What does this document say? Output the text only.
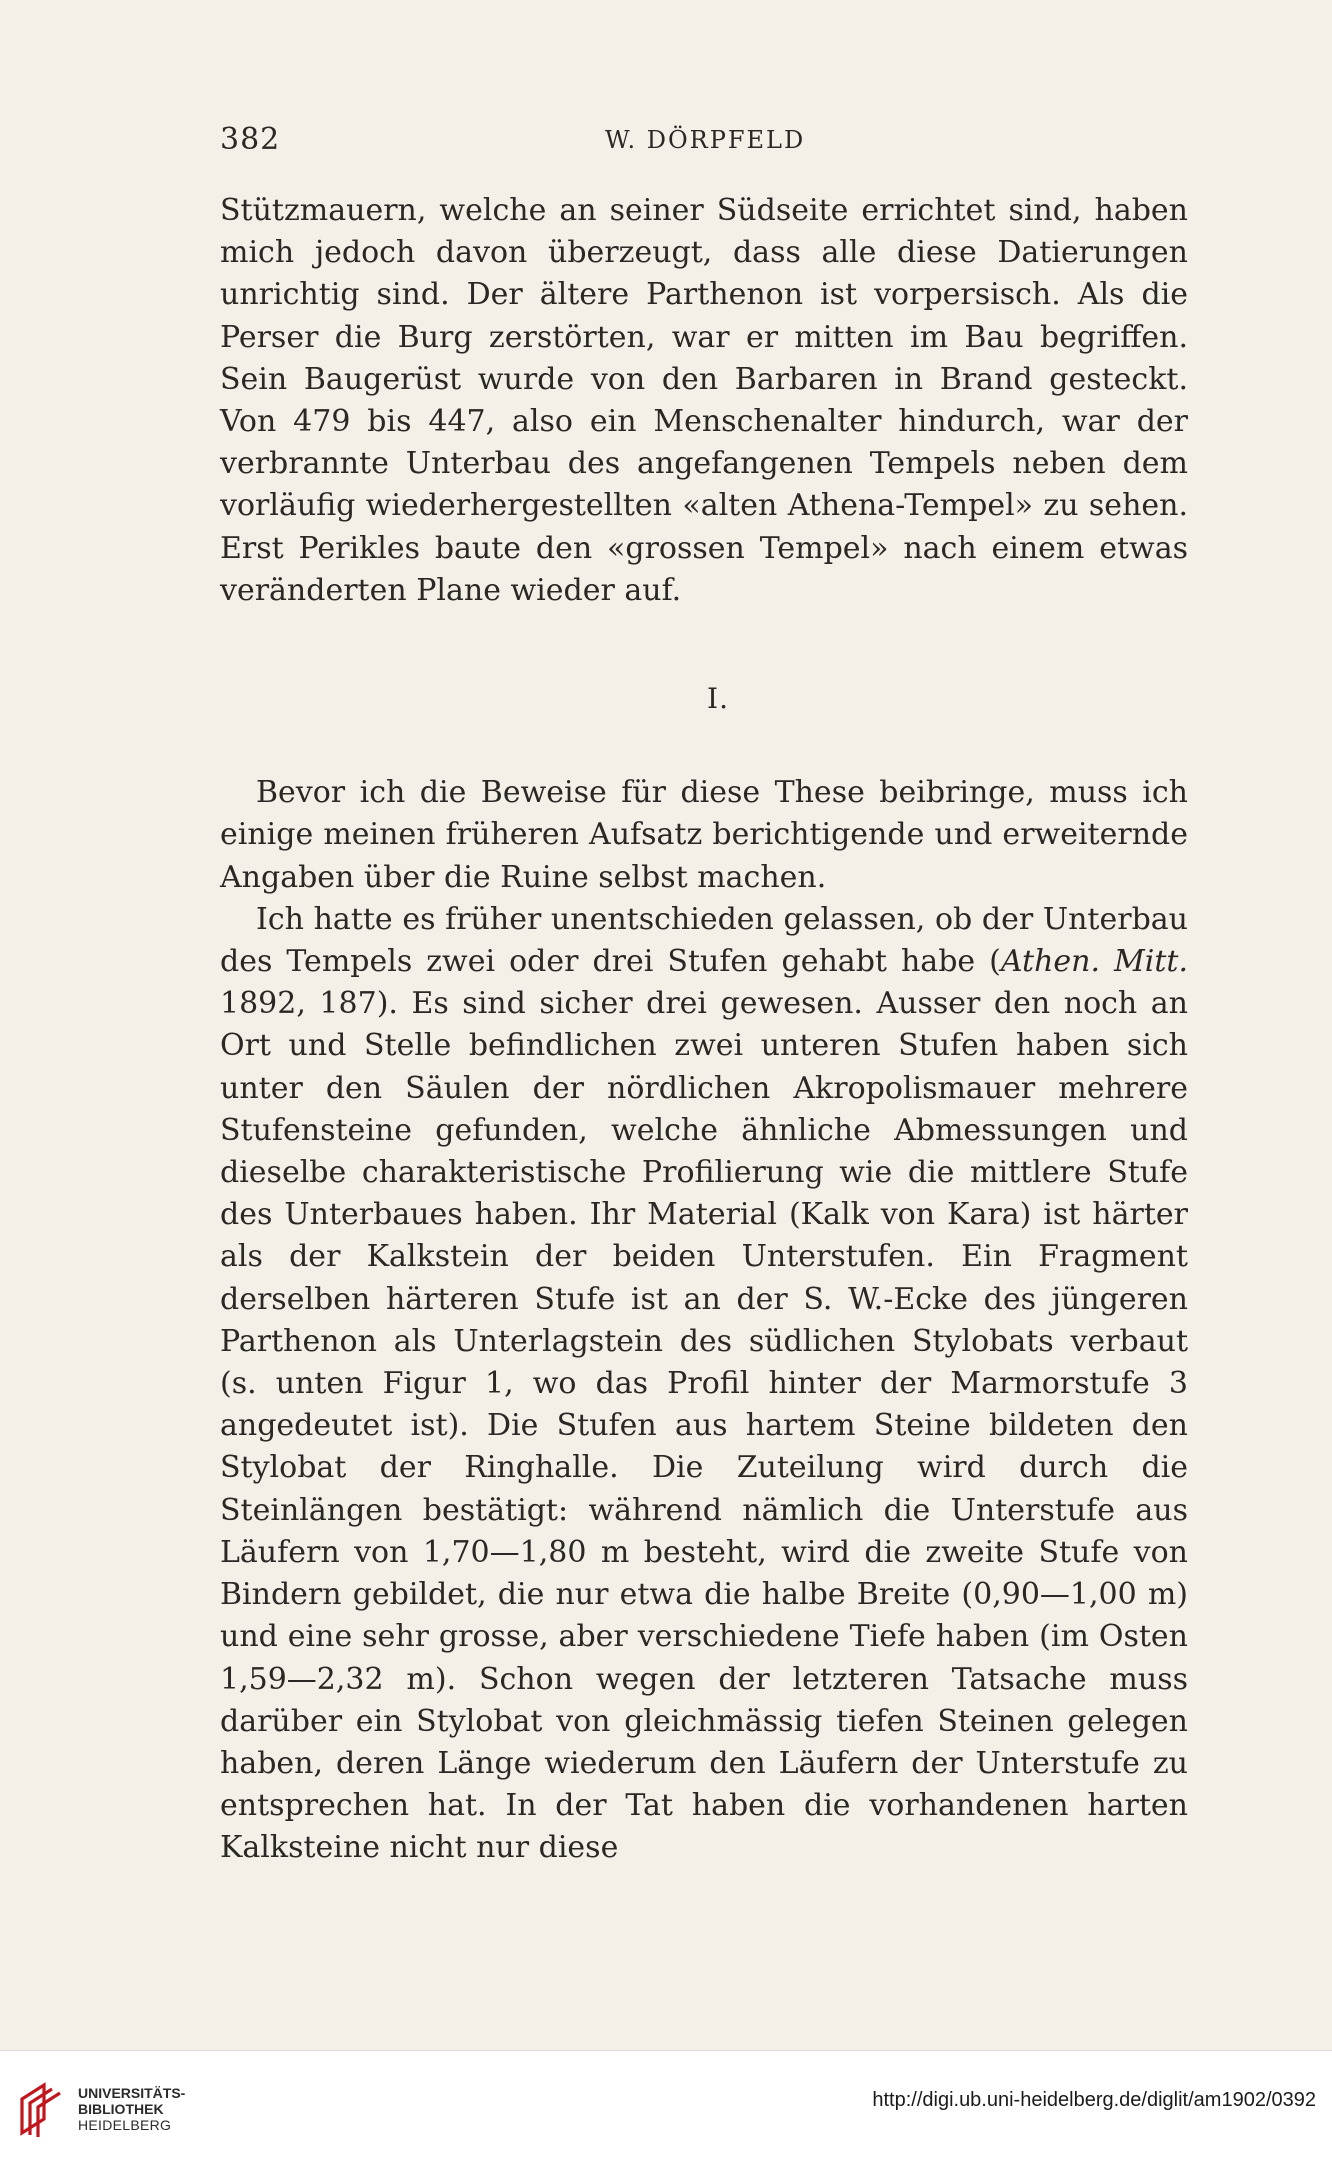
382	W. DÖRPFELD

Stützmauern, welche an seiner Südseite errichtet sind, haben mich jedoch davon überzeugt, dass alle diese Datierungen unrichtig sind. Der ältere Parthenon ist vorpersisch. Als die Perser die Burg zerstörten, war er mitten im Bau begriffen. Sein Baugerüst wurde von den Barbaren in Brand gesteckt. Von 479 bis 447, also ein Menschenalter hindurch, war der verbrannte Unterbau des angefangenen Tempels neben dem vorläufig wiederhergestellten «alten Athena-Tempel» zu sehen. Erst Perikles baute den «grossen Tempel» nach einem etwas veränderten Plane wieder auf.

I.

Bevor ich die Beweise für diese These beibringe, muss ich einige meinen früheren Aufsatz berichtigende und erweiternde Angaben über die Ruine selbst machen.

Ich hatte es früher unentschieden gelassen, ob der Unterbau des Tempels zwei oder drei Stufen gehabt habe (Athen. Mitt. 1892, 187). Es sind sicher drei gewesen. Ausser den noch an Ort und Stelle befindlichen zwei unteren Stufen haben sich unter den Säulen der nördlichen Akropolismauer mehrere Stufensteine gefunden, welche ähnliche Abmessungen und dieselbe charakteristische Profilierung wie die mittlere Stufe des Unterbaues haben. Ihr Material (Kalk von Kara) ist härter als der Kalkstein der beiden Unterstufen. Ein Fragment derselben härteren Stufe ist an der S. W.-Ecke des jüngeren Parthenon als Unterlagstein des südlichen Stylobats verbaut (s. unten Figur 1, wo das Profil hinter der Marmorstufe 3 angedeutet ist). Die Stufen aus hartem Steine bildeten den Stylobat der Ringhalle. Die Zuteilung wird durch die Steinlängen bestätigt: während nämlich die Unterstufe aus Läufern von 1,70—1,80 m besteht, wird die zweite Stufe von Bindern gebildet, die nur etwa die halbe Breite (0,90—1,00 m) und eine sehr grosse, aber verschiedene Tiefe haben (im Osten 1,59—2,32 m). Schon wegen der letzteren Tatsache muss darüber ein Stylobat von gleichmässig tiefen Steinen gelegen haben, deren Länge wiederum den Läufern der Unterstufe zu entsprechen hat. In der Tat haben die vorhandenen harten Kalksteine nicht nur diese

UNIVERSITÄTS-
BIBLIOTHEK
HEIDELBERG
http://digi.ub.uni-heidelberg.de/diglit/am1902/0392
